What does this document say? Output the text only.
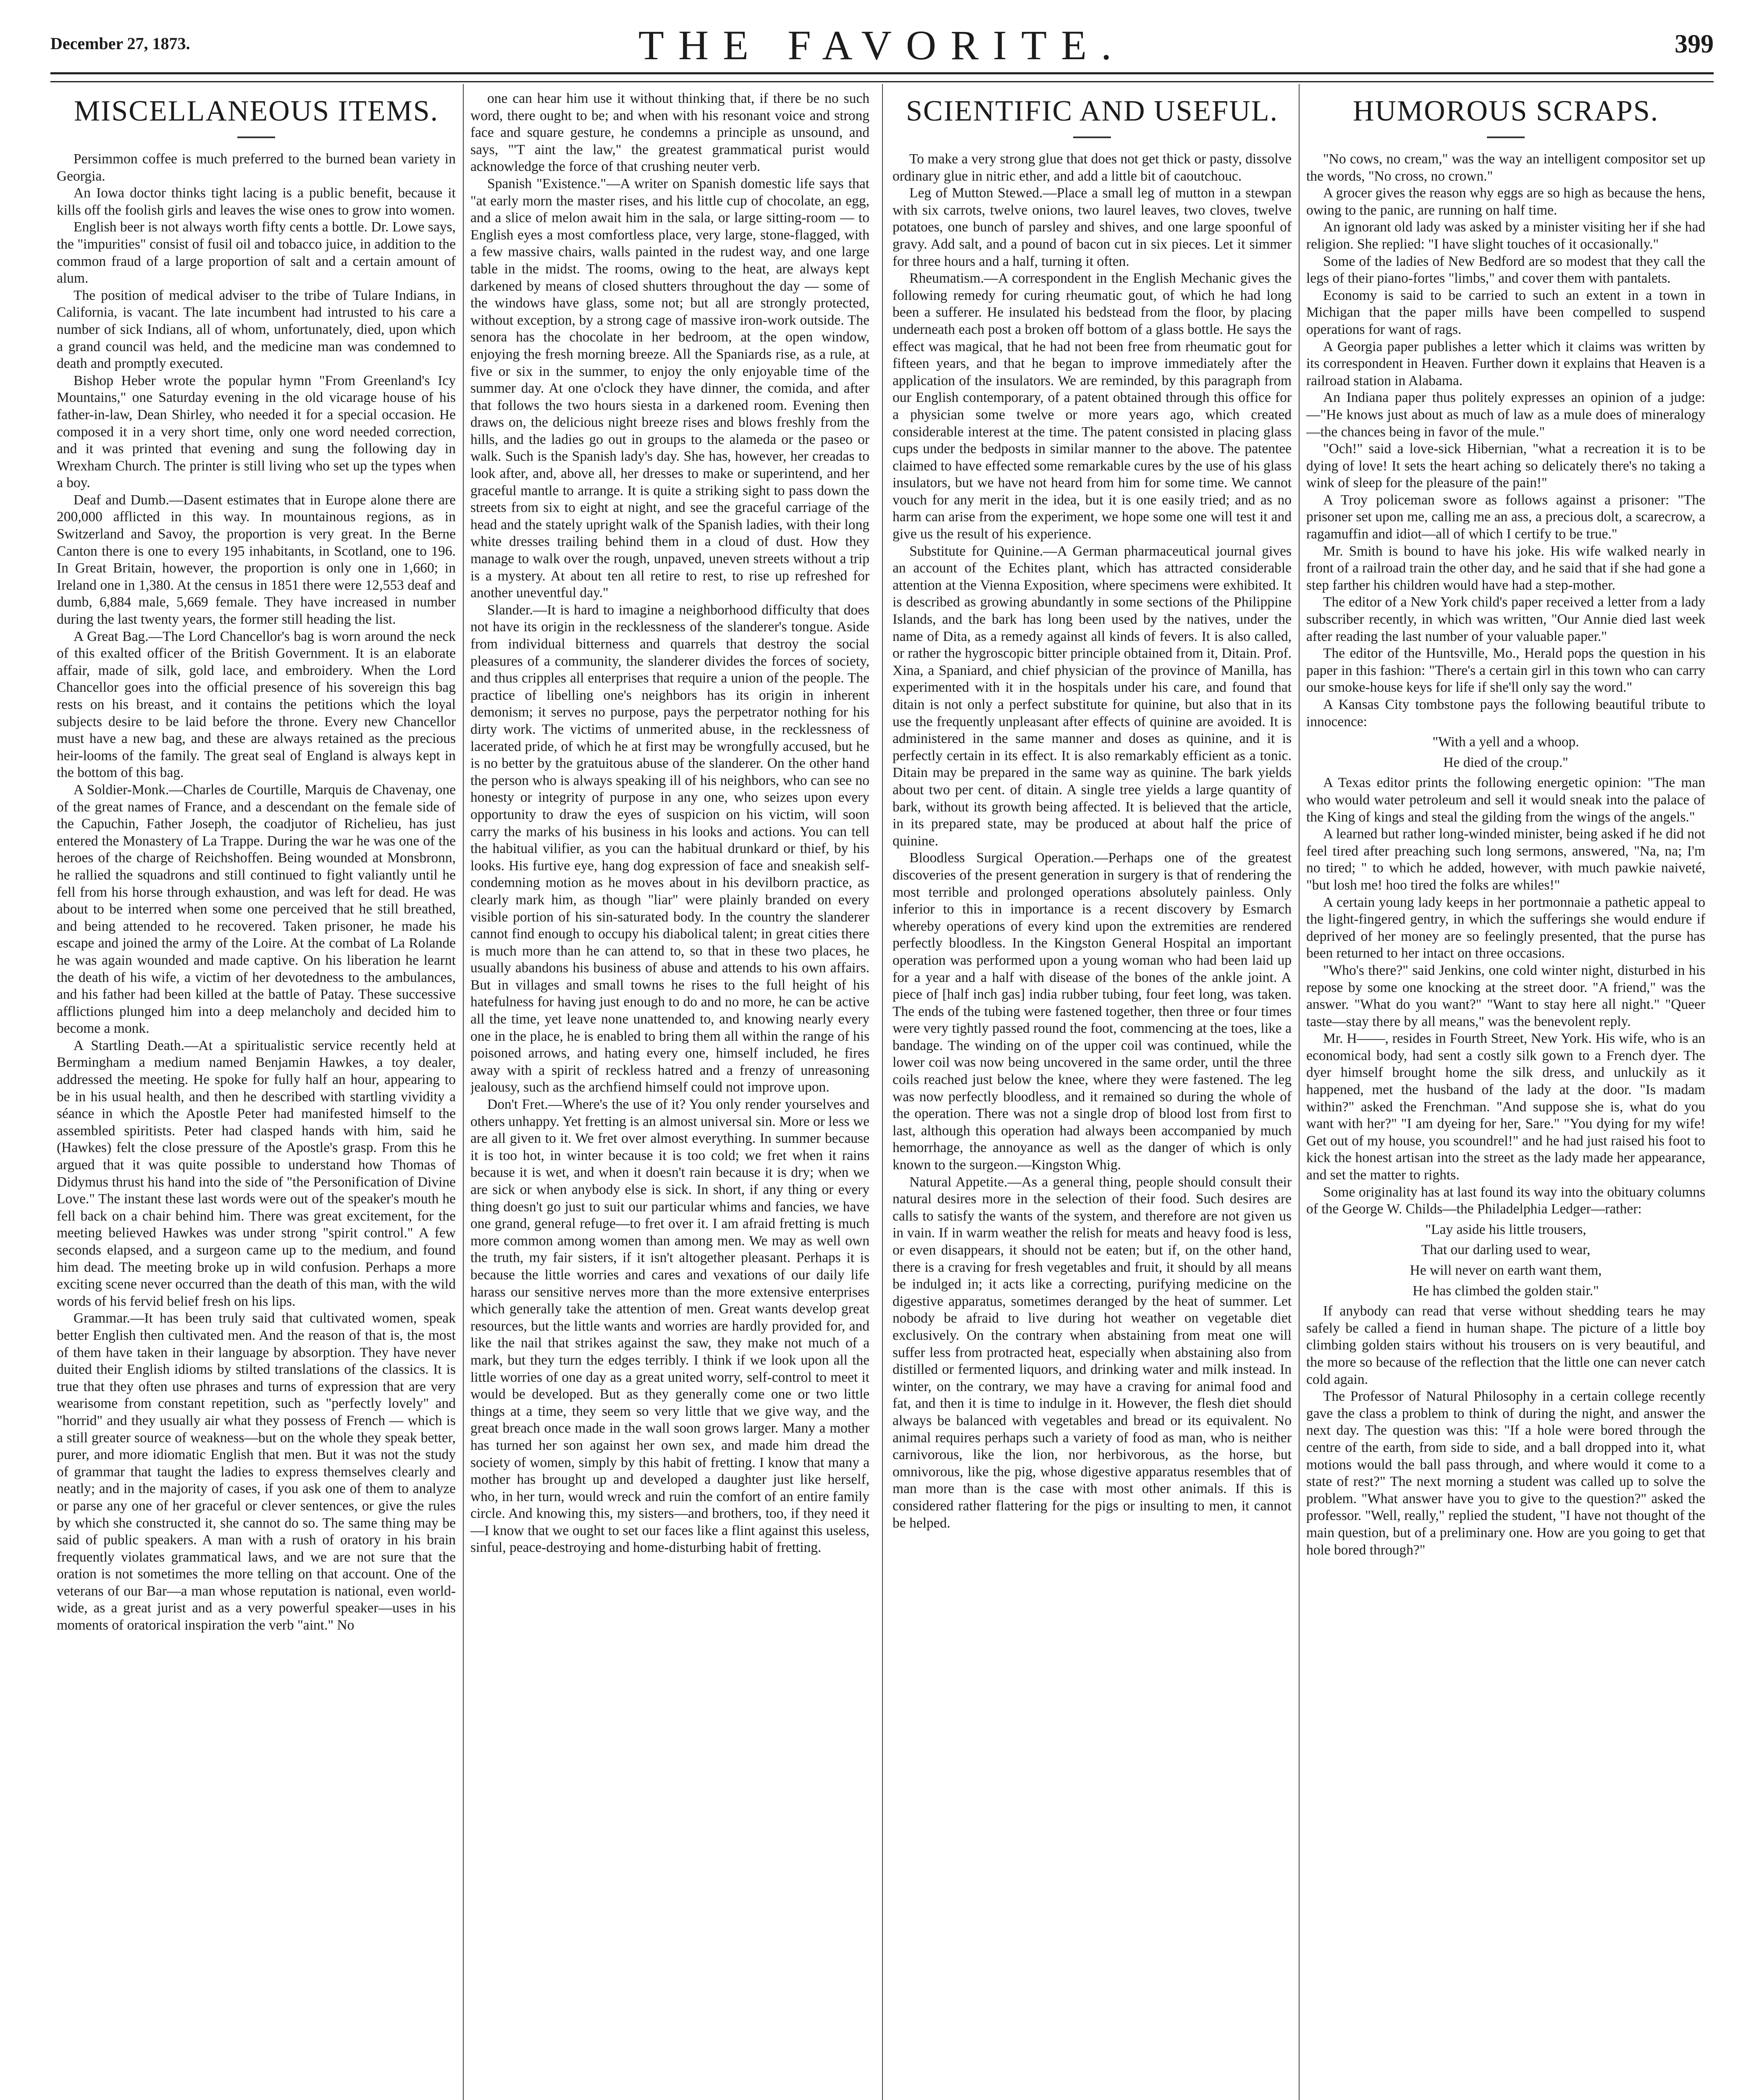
December 27, 1873.	THE FAVORITE.	399
MISCELLANEOUS ITEMS.

Persimmon coffee is much preferred to the burned bean variety in Georgia.

An Iowa doctor thinks tight lacing is a public benefit, because it kills off the foolish girls and leaves the wise ones to grow into women.

English beer is not always worth fifty cents a bottle. Dr. Lowe says, the "impurities" consist of fusil oil and tobacco juice, in addition to the common fraud of a large proportion of salt and a certain amount of alum.

The position of medical adviser to the tribe of Tulare Indians, in California, is vacant. The late incumbent had intrusted to his care a number of sick Indians, all of whom, unfortunately, died, upon which a grand council was held, and the medicine man was condemned to death and promptly executed.

Bishop Heber wrote the popular hymn "From Greenland's Icy Mountains," one Saturday evening in the old vicarage house of his father-in-law, Dean Shirley, who needed it for a special occasion. He composed it in a very short time, only one word needed correction, and it was printed that evening and sung the following day in Wrexham Church. The printer is still living who set up the types when a boy.

Deaf and Dumb.—Dasent estimates that in Europe alone there are 200,000 afflicted in this way. In mountainous regions, as in Switzerland and Savoy, the proportion is very great. In the Berne Canton there is one to every 195 inhabitants, in Scotland, one to 196. In Great Britain, however, the proportion is only one in 1,660; in Ireland one in 1,380. At the census in 1851 there were 12,553 deaf and dumb, 6,884 male, 5,669 female. They have increased in number during the last twenty years, the former still heading the list.

A Great Bag.—The Lord Chancellor's bag is worn around the neck of this exalted officer of the British Government. It is an elaborate affair, made of silk, gold lace, and embroidery. When the Lord Chancellor goes into the official presence of his sovereign this bag rests on his breast, and it contains the petitions which the loyal subjects desire to be laid before the throne. Every new Chancellor must have a new bag, and these are always retained as the precious heir-looms of the family. The great seal of England is always kept in the bottom of this bag.

A Soldier-Monk.—Charles de Courtille, Marquis de Chavenay, one of the great names of France, and a descendant on the female side of the Capuchin, Father Joseph, the coadjutor of Richelieu, has just entered the Monastery of La Trappe. During the war he was one of the heroes of the charge of Reichshoffen. Being wounded at Monsbronn, he rallied the squadrons and still continued to fight valiantly until he fell from his horse through exhaustion, and was left for dead. He was about to be interred when some one perceived that he still breathed, and being attended to he recovered. Taken prisoner, he made his escape and joined the army of the Loire. At the combat of La Rolande he was again wounded and made captive. On his liberation he learnt the death of his wife, a victim of her devotedness to the ambulances, and his father had been killed at the battle of Patay. These successive afflictions plunged him into a deep melancholy and decided him to become a monk.

A Startling Death.—At a spiritualistic service recently held at Bermingham a medium named Benjamin Hawkes, a toy dealer, addressed the meeting. He spoke for fully half an hour, appearing to be in his usual health, and then he described with startling vividity a séance in which the Apostle Peter had manifested himself to the assembled spiritists. Peter had clasped hands with him, said he (Hawkes) felt the close pressure of the Apostle's grasp. From this he argued that it was quite possible to understand how Thomas of Didymus thrust his hand into the side of "the Personification of Divine Love." The instant these last words were out of the speaker's mouth he fell back on a chair behind him. There was great excitement, for the meeting believed Hawkes was under strong "spirit control." A few seconds elapsed, and a surgeon came up to the medium, and found him dead. The meeting broke up in wild confusion. Perhaps a more exciting scene never occurred than the death of this man, with the wild words of his fervid belief fresh on his lips.

Grammar.—It has been truly said that cultivated women, speak better English then cultivated men. And the reason of that is, the most of them have taken in their language by absorption. They have never duited their English idioms by stilted translations of the classics. It is true that they often use phrases and turns of expression that are very wearisome from constant repetition, such as "perfectly lovely" and "horrid" and they usually air what they possess of French — which is a still greater source of weakness—but on the whole they speak better, purer, and more idiomatic English that men. But it was not the study of grammar that taught the ladies to express themselves clearly and neatly; and in the majority of cases, if you ask one of them to analyze or parse any one of her graceful or clever sentences, or give the rules by which she constructed it, she cannot do so. The same thing may be said of public speakers. A man with a rush of oratory in his brain frequently violates grammatical laws, and we are not sure that the oration is not sometimes the more telling on that account. One of the veterans of our Bar—a man whose reputation is national, even world-wide, as a great jurist and as a very powerful speaker—uses in his moments of oratorical inspiration the verb "aint." No

one can hear him use it without thinking that, if there be no such word, there ought to be; and when with his resonant voice and strong face and square gesture, he condemns a principle as unsound, and says, "'T aint the law," the greatest grammatical purist would acknowledge the force of that crushing neuter verb.

Spanish "Existence."—A writer on Spanish domestic life says that "at early morn the master rises, and his little cup of chocolate, an egg, and a slice of melon await him in the sala, or large sitting-room — to English eyes a most comfortless place, very large, stone-flagged, with a few massive chairs, walls painted in the rudest way, and one large table in the midst. The rooms, owing to the heat, are always kept darkened by means of closed shutters throughout the day — some of the windows have glass, some not; but all are strongly protected, without exception, by a strong cage of massive iron-work outside. The senora has the chocolate in her bedroom, at the open window, enjoying the fresh morning breeze. All the Spaniards rise, as a rule, at five or six in the summer, to enjoy the only enjoyable time of the summer day. At one o'clock they have dinner, the comida, and after that follows the two hours siesta in a darkened room. Evening then draws on, the delicious night breeze rises and blows freshly from the hills, and the ladies go out in groups to the alameda or the paseo or walk. Such is the Spanish lady's day. She has, however, her creadas to look after, and, above all, her dresses to make or superintend, and her graceful mantle to arrange. It is quite a striking sight to pass down the streets from six to eight at night, and see the graceful carriage of the head and the stately upright walk of the Spanish ladies, with their long white dresses trailing behind them in a cloud of dust. How they manage to walk over the rough, unpaved, uneven streets without a trip is a mystery. At about ten all retire to rest, to rise up refreshed for another uneventful day."

Slander.—It is hard to imagine a neighborhood difficulty that does not have its origin in the recklessness of the slanderer's tongue. Aside from individual bitterness and quarrels that destroy the social pleasures of a community, the slanderer divides the forces of society, and thus cripples all enterprises that require a union of the people. The practice of libelling one's neighbors has its origin in inherent demonism; it serves no purpose, pays the perpetrator nothing for his dirty work. The victims of unmerited abuse, in the recklessness of lacerated pride, of which he at first may be wrongfully accused, but he is no better by the gratuitous abuse of the slanderer. On the other hand the person who is always speaking ill of his neighbors, who can see no honesty or integrity of purpose in any one, who seizes upon every opportunity to draw the eyes of suspicion on his victim, will soon carry the marks of his business in his looks and actions. You can tell the habitual vilifier, as you can the habitual drunkard or thief, by his looks. His furtive eye, hang dog expression of face and sneakish self-condemning motion as he moves about in his devilborn practice, as clearly mark him, as though "liar" were plainly branded on every visible portion of his sin-saturated body. In the country the slanderer cannot find enough to occupy his diabolical talent; in great cities there is much more than he can attend to, so that in these two places, he usually abandons his business of abuse and attends to his own affairs. But in villages and small towns he rises to the full height of his hatefulness for having just enough to do and no more, he can be active all the time, yet leave none unattended to, and knowing nearly every one in the place, he is enabled to bring them all within the range of his poisoned arrows, and hating every one, himself included, he fires away with a spirit of reckless hatred and a frenzy of unreasoning jealousy, such as the archfiend himself could not improve upon.

Don't Fret.—Where's the use of it? You only render yourselves and others unhappy. Yet fretting is an almost universal sin. More or less we are all given to it. We fret over almost everything. In summer because it is too hot, in winter because it is too cold; we fret when it rains because it is wet, and when it doesn't rain because it is dry; when we are sick or when anybody else is sick. In short, if any thing or every thing doesn't go just to suit our particular whims and fancies, we have one grand, general refuge—to fret over it. I am afraid fretting is much more common among women than among men. We may as well own the truth, my fair sisters, if it isn't altogether pleasant. Perhaps it is because the little worries and cares and vexations of our daily life harass our sensitive nerves more than the more extensive enterprises which generally take the attention of men. Great wants develop great resources, but the little wants and worries are hardly provided for, and like the nail that strikes against the saw, they make not much of a mark, but they turn the edges terribly. I think if we look upon all the little worries of one day as a great united worry, self-control to meet it would be developed. But as they generally come one or two little things at a time, they seem so very little that we give way, and the great breach once made in the wall soon grows larger. Many a mother has turned her son against her own sex, and made him dread the society of women, simply by this habit of fretting. I know that many a mother has brought up and developed a daughter just like herself, who, in her turn, would wreck and ruin the comfort of an entire family circle. And knowing this, my sisters—and brothers, too, if they need it—I know that we ought to set our faces like a flint against this useless, sinful, peace-destroying and home-disturbing habit of fretting.

SCIENTIFIC AND USEFUL.

To make a very strong glue that does not get thick or pasty, dissolve ordinary glue in nitric ether, and add a little bit of caoutchouc.

Leg of Mutton Stewed.—Place a small leg of mutton in a stewpan with six carrots, twelve onions, two laurel leaves, two cloves, twelve potatoes, one bunch of parsley and shives, and one large spoonful of gravy. Add salt, and a pound of bacon cut in six pieces. Let it simmer for three hours and a half, turning it often.

Rheumatism.—A correspondent in the English Mechanic gives the following remedy for curing rheumatic gout, of which he had long been a sufferer. He insulated his bedstead from the floor, by placing underneath each post a broken off bottom of a glass bottle. He says the effect was magical, that he had not been free from rheumatic gout for fifteen years, and that he began to improve immediately after the application of the insulators. We are reminded, by this paragraph from our English contemporary, of a patent obtained through this office for a physician some twelve or more years ago, which created considerable interest at the time. The patent consisted in placing glass cups under the bedposts in similar manner to the above. The patentee claimed to have effected some remarkable cures by the use of his glass insulators, but we have not heard from him for some time. We cannot vouch for any merit in the idea, but it is one easily tried; and as no harm can arise from the experiment, we hope some one will test it and give us the result of his experience.

Substitute for Quinine.—A German pharmaceutical journal gives an account of the Echites plant, which has attracted considerable attention at the Vienna Exposition, where specimens were exhibited. It is described as growing abundantly in some sections of the Philippine Islands, and the bark has long been used by the natives, under the name of Dita, as a remedy against all kinds of fevers. It is also called, or rather the hygroscopic bitter principle obtained from it, Ditain. Prof. Xina, a Spaniard, and chief physician of the province of Manilla, has experimented with it in the hospitals under his care, and found that ditain is not only a perfect substitute for quinine, but also that in its use the frequently unpleasant after effects of quinine are avoided. It is administered in the same manner and doses as quinine, and it is perfectly certain in its effect. It is also remarkably efficient as a tonic. Ditain may be prepared in the same way as quinine. The bark yields about two per cent. of ditain. A single tree yields a large quantity of bark, without its growth being affected. It is believed that the article, in its prepared state, may be produced at about half the price of quinine.

Bloodless Surgical Operation.—Perhaps one of the greatest discoveries of the present generation in surgery is that of rendering the most terrible and prolonged operations absolutely painless. Only inferior to this in importance is a recent discovery by Esmarch whereby operations of every kind upon the extremities are rendered perfectly bloodless. In the Kingston General Hospital an important operation was performed upon a young woman who had been laid up for a year and a half with disease of the bones of the ankle joint. A piece of [half inch gas] india rubber tubing, four feet long, was taken. The ends of the tubing were fastened together, then three or four times were very tightly passed round the foot, commencing at the toes, like a bandage. The winding on of the upper coil was continued, while the lower coil was now being uncovered in the same order, until the three coils reached just below the knee, where they were fastened. The leg was now perfectly bloodless, and it remained so during the whole of the operation. There was not a single drop of blood lost from first to last, although this operation had always been accompanied by much hemorrhage, the annoyance as well as the danger of which is only known to the surgeon.—Kingston Whig.

Natural Appetite.—As a general thing, people should consult their natural desires more in the selection of their food. Such desires are calls to satisfy the wants of the system, and therefore are not given us in vain. If in warm weather the relish for meats and heavy food is less, or even disappears, it should not be eaten; but if, on the other hand, there is a craving for fresh vegetables and fruit, it should by all means be indulged in; it acts like a correcting, purifying medicine on the digestive apparatus, sometimes deranged by the heat of summer. Let nobody be afraid to live during hot weather on vegetable diet exclusively. On the contrary when abstaining from meat one will suffer less from protracted heat, especially when abstaining also from distilled or fermented liquors, and drinking water and milk instead. In winter, on the contrary, we may have a craving for animal food and fat, and then it is time to indulge in it. However, the flesh diet should always be balanced with vegetables and bread or its equivalent. No animal requires perhaps such a variety of food as man, who is neither carnivorous, like the lion, nor herbivorous, as the horse, but omnivorous, like the pig, whose digestive apparatus resembles that of man more than is the case with most other animals. If this is considered rather flattering for the pigs or insulting to men, it cannot be helped.

HUMOROUS SCRAPS.

"No cows, no cream," was the way an intelligent compositor set up the words, "No cross, no crown."

A grocer gives the reason why eggs are so high as because the hens, owing to the panic, are running on half time.

An ignorant old lady was asked by a minister visiting her if she had religion. She replied: "I have slight touches of it occasionally."

Some of the ladies of New Bedford are so modest that they call the legs of their piano-fortes "limbs," and cover them with pantalets.

Economy is said to be carried to such an extent in a town in Michigan that the paper mills have been compelled to suspend operations for want of rags.

A Georgia paper publishes a letter which it claims was written by its correspondent in Heaven. Further down it explains that Heaven is a railroad station in Alabama.

An Indiana paper thus politely expresses an opinion of a judge:—"He knows just about as much of law as a mule does of mineralogy—the chances being in favor of the mule."

"Och!" said a love-sick Hibernian, "what a recreation it is to be dying of love! It sets the heart aching so delicately there's no taking a wink of sleep for the pleasure of the pain!"

A Troy policeman swore as follows against a prisoner: "The prisoner set upon me, calling me an ass, a precious dolt, a scarecrow, a ragamuffin and idiot—all of which I certify to be true."

Mr. Smith is bound to have his joke. His wife walked nearly in front of a railroad train the other day, and he said that if she had gone a step farther his children would have had a step-mother.

The editor of a New York child's paper received a letter from a lady subscriber recently, in which was written, "Our Annie died last week after reading the last number of your valuable paper."

The editor of the Huntsville, Mo., Herald pops the question in his paper in this fashion: "There's a certain girl in this town who can carry our smoke-house keys for life if she'll only say the word."

A Kansas City tombstone pays the following beautiful tribute to innocence:

"With a yell and a whoop.

He died of the croup."

A Texas editor prints the following energetic opinion: "The man who would water petroleum and sell it would sneak into the palace of the King of kings and steal the gilding from the wings of the angels."

A learned but rather long-winded minister, being asked if he did not feel tired after preaching such long sermons, answered, "Na, na; I'm no tired; " to which he added, however, with much pawkie naiveté, "but losh me! hoo tired the folks are whiles!"

A certain young lady keeps in her portmonnaie a pathetic appeal to the light-fingered gentry, in which the sufferings she would endure if deprived of her money are so feelingly presented, that the purse has been returned to her intact on three occasions.

"Who's there?" said Jenkins, one cold winter night, disturbed in his repose by some one knocking at the street door. "A friend," was the answer. "What do you want?" "Want to stay here all night." "Queer taste—stay there by all means," was the benevolent reply.

Mr. H——, resides in Fourth Street, New York. His wife, who is an economical body, had sent a costly silk gown to a French dyer. The dyer himself brought home the silk dress, and unluckily as it happened, met the husband of the lady at the door. "Is madam within?" asked the Frenchman. "And suppose she is, what do you want with her?" "I am dyeing for her, Sare." "You dying for my wife! Get out of my house, you scoundrel!" and he had just raised his foot to kick the honest artisan into the street as the lady made her appearance, and set the matter to rights.

Some originality has at last found its way into the obituary columns of the George W. Childs—the Philadelphia Ledger—rather:

"Lay aside his little trousers,

That our darling used to wear,

He will never on earth want them,

He has climbed the golden stair."

If anybody can read that verse without shedding tears he may safely be called a fiend in human shape. The picture of a little boy climbing golden stairs without his trousers on is very beautiful, and the more so because of the reflection that the little one can never catch cold again.

The Professor of Natural Philosophy in a certain college recently gave the class a problem to think of during the night, and answer the next day. The question was this: "If a hole were bored through the centre of the earth, from side to side, and a ball dropped into it, what motions would the ball pass through, and where would it come to a state of rest?" The next morning a student was called up to solve the problem. "What answer have you to give to the question?" asked the professor. "Well, really," replied the student, "I have not thought of the main question, but of a preliminary one. How are you going to get that hole bored through?"
